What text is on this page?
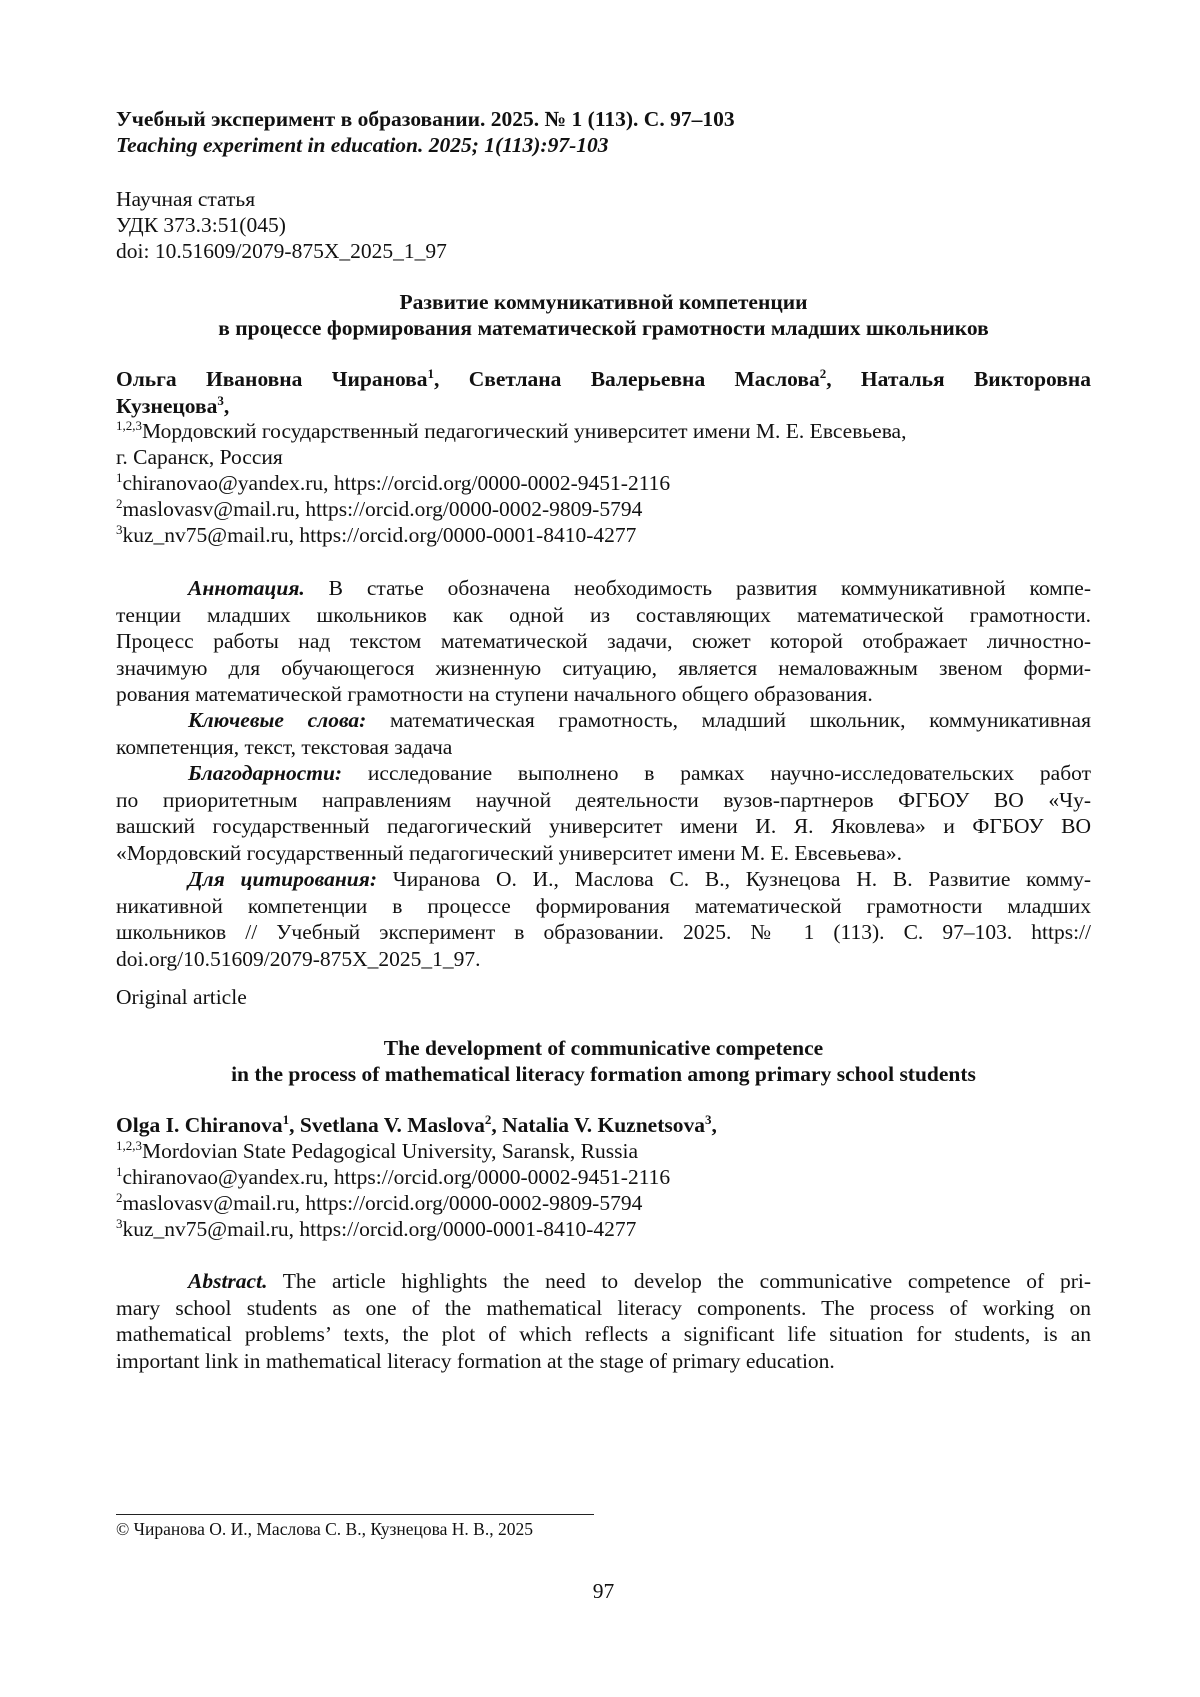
Учебный эксперимент в образовании. 2025. № 1 (113). С. 97–103
Teaching experiment in education. 2025; 1(113):97-103
Научная статья
УДК 373.3:51(045)
doi: 10.51609/2079-875X_2025_1_97
Развитие коммуникативной компетенции
в процессе формирования математической грамотности младших школьников
Ольга Ивановна Чиранова$^1$, Светлана Валерьевна Маслова$^2$, Наталья Викторовна
Кузнецова$^3$,
$^{1,2,3}$Мордовский государственный педагогический университет имени М. Е. Евсевьева,
г. Саранск, Россия
$^1$chiranovao@yandex.ru, https://orcid.org/0000-0002-9451-2116
$^2$maslovasv@mail.ru, https://orcid.org/0000-0002-9809-5794
$^3$kuz_nv75@mail.ru, https://orcid.org/0000-0001-8410-4277
Аннотация. В статье обозначена необходимость развития коммуникативной компе-
тенции младших школьников как одной из составляющих математической грамотности.
Процесс работы над текстом математической задачи, сюжет которой отображает личностно-
значимую для обучающегося жизненную ситуацию, является немаловажным звеном форми-
рования математической грамотности на ступени начального общего образования.
Ключевые слова: математическая грамотность, младший школьник, коммуникативная
компетенция, текст, текстовая задача
Благодарности: исследование выполнено в рамках научно-исследовательских работ
по приоритетным направлениям научной деятельности вузов-партнеров ФГБОУ ВО «Чу-
вашский государственный педагогический университет имени И. Я. Яковлева» и ФГБОУ ВО
«Мордовский государственный педагогический университет имени М. Е. Евсевьева».
Для цитирования: Чиранова О. И., Маслова С. В., Кузнецова Н. В. Развитие комму-
никативной компетенции в процессе формирования математической грамотности младших
школьников // Учебный эксперимент в образовании. 2025. № 1 (113). С. 97–103. https://
doi.org/10.51609/2079-875X_2025_1_97.
Original article
The development of communicative competence
in the process of mathematical literacy formation among primary school students
Olga I. Chiranova$^1$, Svetlana V. Maslova$^2$, Natalia V. Kuznetsova$^3$,
$^{1,2,3}$Mordovian State Pedagogical University, Saransk, Russia
$^1$chiranovao@yandex.ru, https://orcid.org/0000-0002-9451-2116
$^2$maslovasv@mail.ru, https://orcid.org/0000-0002-9809-5794
$^3$kuz_nv75@mail.ru, https://orcid.org/0000-0001-8410-4277
Abstract. The article highlights the need to develop the communicative competence of pri-
mary school students as one of the mathematical literacy components. The process of working on
mathematical problems’ texts, the plot of which reflects a significant life situation for students, is an
important link in mathematical literacy formation at the stage of primary education.
© Чиранова О. И., Маслова С. В., Кузнецова Н. В., 2025
97
